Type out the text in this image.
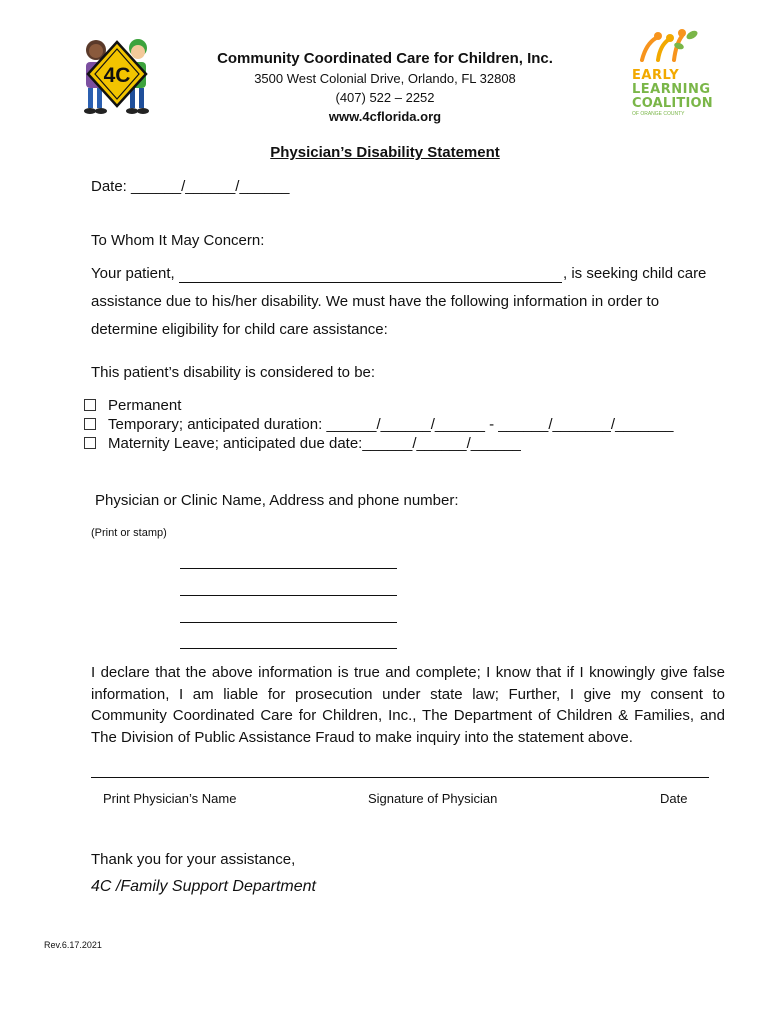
4C
Community Coordinated Care for Children, Inc.
3500 West Colonial Drive, Orlando, FL 32808
(407) 522 – 2252
www.4cflorida.org
EARLY
LEARNING
COALITION
OF ORANGE COUNTY
Physician’s Disability Statement
Date: ______/______/______
To Whom It May Concern:
Your patient,	, is seeking child care
assistance due to his/her disability. We must have the following information in order to
determine eligibility for child care assistance:
This patient’s disability is considered to be:
Permanent
Temporary; anticipated duration: ______/______/______ - ______/_______/_______
Maternity Leave; anticipated due date:______/______/______
Physician or Clinic Name, Address and phone number:
(Print or stamp)
I declare that the above information is true and complete; I know that if I knowingly give false information, I am liable for prosecution under state law; Further, I give my consent to Community Coordinated Care for Children, Inc., The Department of Children & Families, and The Division of Public Assistance Fraud to make inquiry into the statement above.
Print Physician’s Name	Signature of Physician	Date
Thank you for your assistance,
4C /Family Support Department
Rev.6.17.2021
